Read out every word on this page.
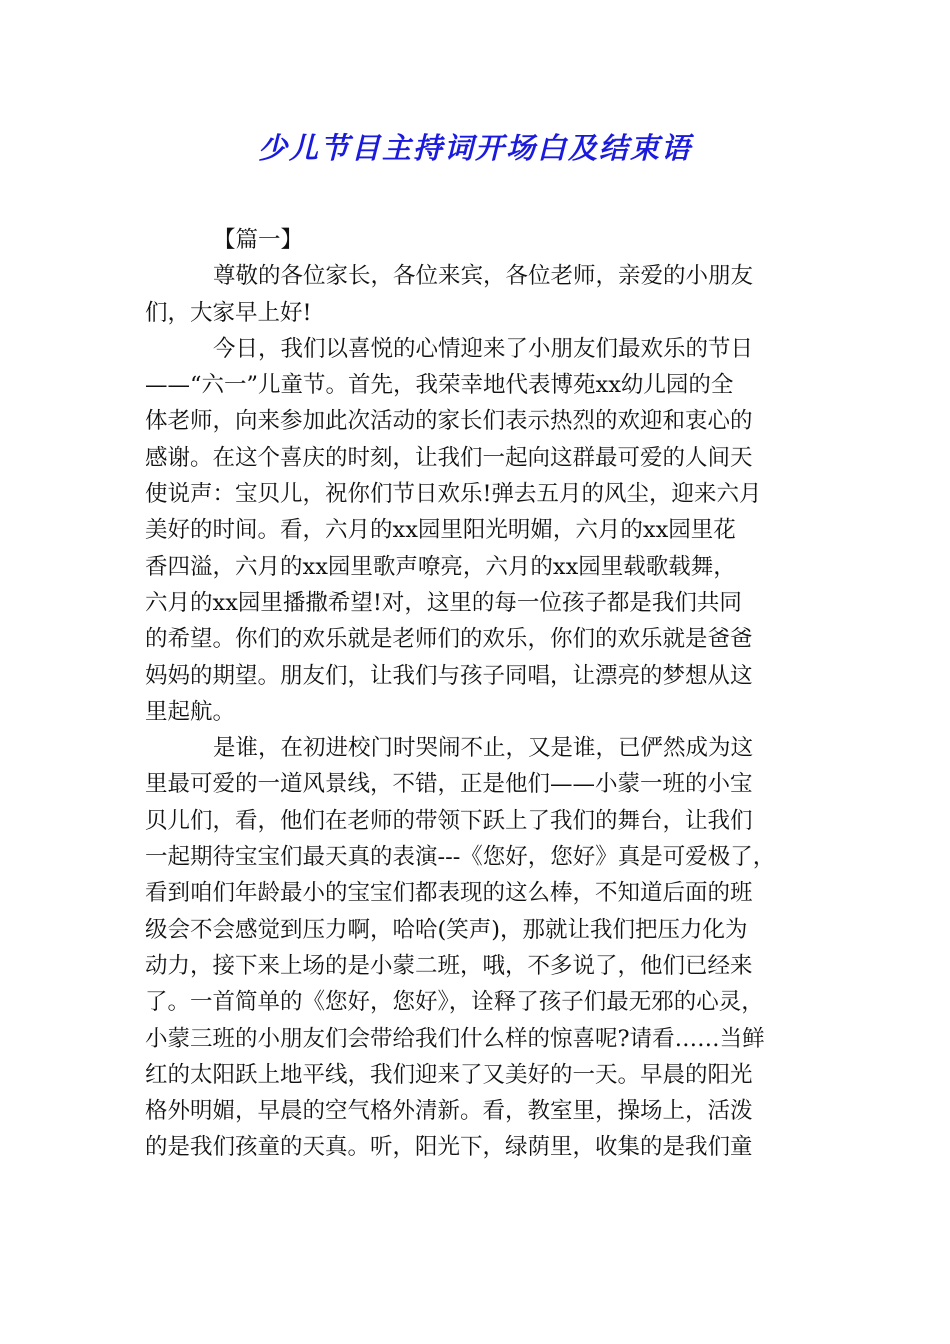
少儿节目主持词开场白及结束语
【篇一】
尊敬的各位家长，各位来宾，各位老师，亲爱的小朋友
们，大家早上好!
今日，我们以喜悦的心情迎来了小朋友们最欢乐的节日
——“六一”儿童节。首先，我荣幸地代表博苑xx幼儿园的全
体老师，向来参加此次活动的家长们表示热烈的欢迎和衷心的
感谢。在这个喜庆的时刻，让我们一起向这群最可爱的人间天
使说声：宝贝儿，祝你们节日欢乐!弹去五月的风尘，迎来六月
美好的时间。看，六月的xx园里阳光明媚，六月的xx园里花
香四溢，六月的xx园里歌声嘹亮，六月的xx园里载歌载舞，
六月的xx园里播撒希望!对，这里的每一位孩子都是我们共同
的希望。你们的欢乐就是老师们的欢乐，你们的欢乐就是爸爸
妈妈的期望。朋友们，让我们与孩子同唱，让漂亮的梦想从这
里起航。
是谁，在初进校门时哭闹不止，又是谁，已俨然成为这
里最可爱的一道风景线，不错，正是他们——小蒙一班的小宝
贝儿们，看，他们在老师的带领下跃上了我们的舞台，让我们
一起期待宝宝们最天真的表演---《您好，您好》真是可爱极了，
看到咱们年龄最小的宝宝们都表现的这么棒，不知道后面的班
级会不会感觉到压力啊，哈哈(笑声)，那就让我们把压力化为
动力，接下来上场的是小蒙二班，哦，不多说了，他们已经来
了。一首简单的《您好，您好》，诠释了孩子们最无邪的心灵，
小蒙三班的小朋友们会带给我们什么样的惊喜呢?请看……当鲜
红的太阳跃上地平线，我们迎来了又美好的一天。早晨的阳光
格外明媚，早晨的空气格外清新。看，教室里，操场上，活泼
的是我们孩童的天真。听，阳光下，绿荫里，收集的是我们童
